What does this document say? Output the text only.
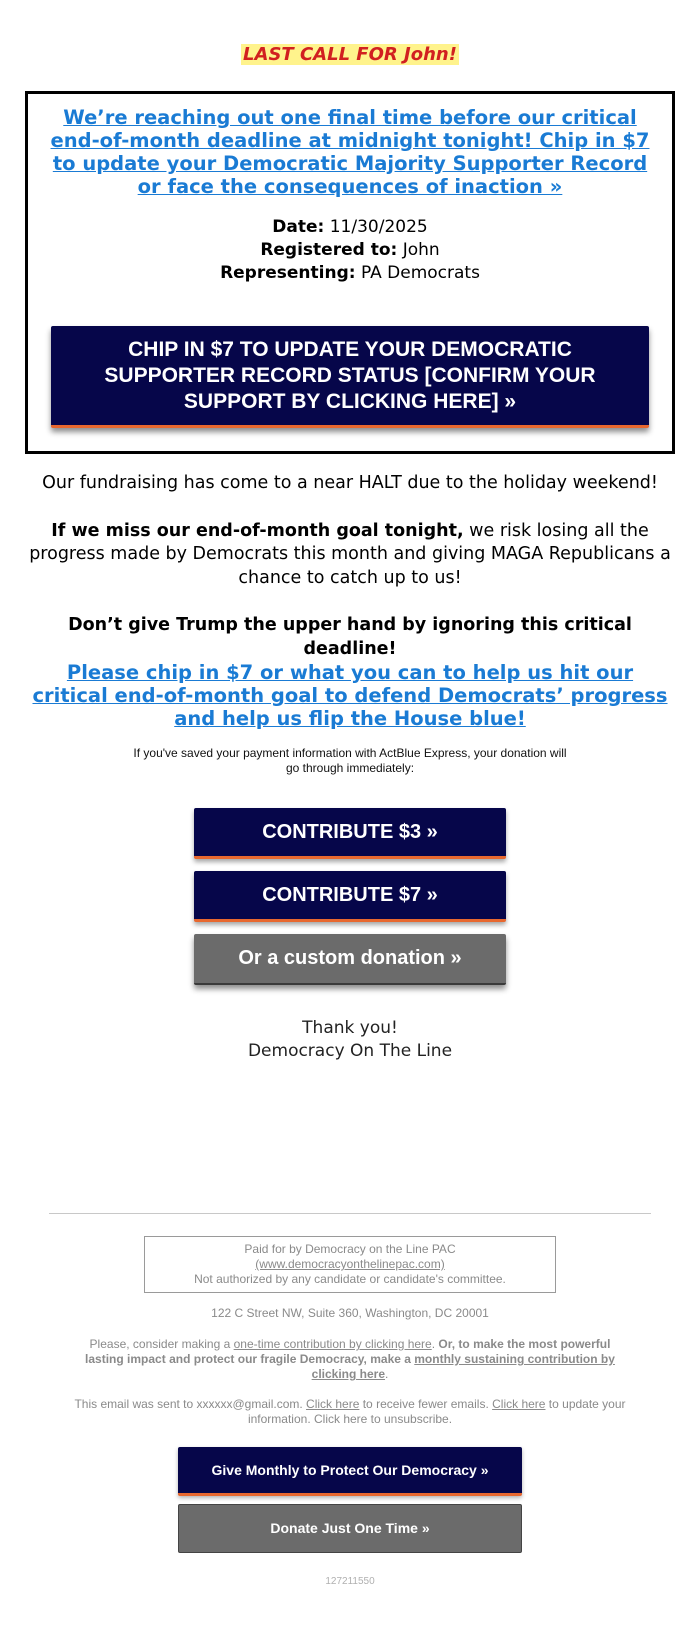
LAST CALL FOR John!
We’re reaching out one final time before our critical end-of-month deadline at midnight tonight! Chip in $7 to update your Democratic Majority Supporter Record or face the consequences of inaction »
Date: 11/30/2025
Registered to: John
Representing: PA Democrats
CHIP IN $7 TO UPDATE YOUR DEMOCRATIC SUPPORTER RECORD STATUS [CONFIRM YOUR SUPPORT BY CLICKING HERE] »
Our fundraising has come to a near HALT due to the holiday weekend!
If we miss our end-of-month goal tonight, we risk losing all the progress made by Democrats this month and giving MAGA Republicans a chance to catch up to us!
Don’t give Trump the upper hand by ignoring this critical deadline!
Please chip in $7 or what you can to help us hit our critical end-of-month goal to defend Democrats’ progress and help us flip the House blue!
If you've saved your payment information with ActBlue Express, your donation will go through immediately:
CONTRIBUTE $3 »
CONTRIBUTE $7 »
Or a custom donation »
Thank you!
Democracy On The Line
Paid for by Democracy on the Line PAC
(www.democracyonthelinepac.com)
Not authorized by any candidate or candidate's committee.
122 C Street NW, Suite 360, Washington, DC 20001
Please, consider making a one-time contribution by clicking here. Or, to make the most powerful lasting impact and protect our fragile Democracy, make a monthly sustaining contribution by clicking here.
This email was sent to xxxxxx@gmail.com. Click here to receive fewer emails. Click here to update your information. Click here to unsubscribe.
Give Monthly to Protect Our Democracy »
Donate Just One Time »
127211550
